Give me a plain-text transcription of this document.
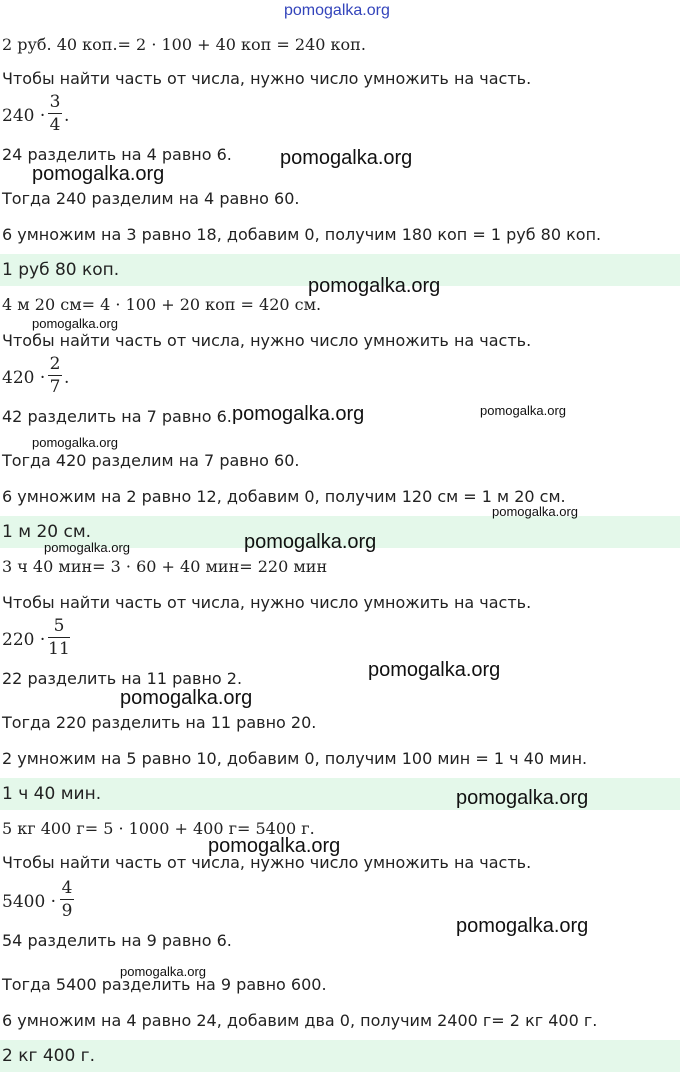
pomogalka.org
2 руб. 40 коп.= 2 · 100 + 40 коп = 240 коп.
Чтобы найти часть от числа, нужно число умножить на часть.
240 ·
3
4 .
24 разделить на 4 равно 6.
Тогда 240 разделим на 4 равно 60.
6 умножим на 3 равно 18, добавим 0, получим 180 коп = 1 руб 80 коп.
1 руб 80 коп.
4 м 20 см= 4 · 100 + 20 коп = 420 см.
Чтобы найти часть от числа, нужно число умножить на часть.
420 ·
2
7 .
42 разделить на 7 равно 6.
Тогда 420 разделим на 7 равно 60.
6 умножим на 2 равно 12, добавим 0, получим 120 см = 1 м 20 см.
1 м 20 см.
3 ч 40 мин= 3 · 60 + 40 мин= 220 мин
Чтобы найти часть от числа, нужно число умножить на часть.
220 ·
5
11
22 разделить на 11 равно 2.
Тогда 220 разделить на 11 равно 20.
2 умножим на 5 равно 10, добавим 0, получим 100 мин = 1 ч 40 мин.
1 ч 40 мин.
5 кг 400 г= 5 · 1000 + 400 г= 5400 г.
Чтобы найти часть от числа, нужно число умножить на часть.
5400 ·
4
9
54 разделить на 9 равно 6.
Тогда 5400 разделить на 9 равно 600.
6 умножим на 4 равно 24, добавим два 0, получим 2400 г= 2 кг 400 г.
2 кг 400 г.
pomogalka.org
pomogalka.org
pomogalka.org
pomogalka.org
pomogalka.org	pomogalka.org
pomogalka.org
pomogalka.org
pomogalka.org	pomogalka.org
pomogalka.org
pomogalka.org
pomogalka.org
pomogalka.org
pomogalka.org
pomogalka.org
